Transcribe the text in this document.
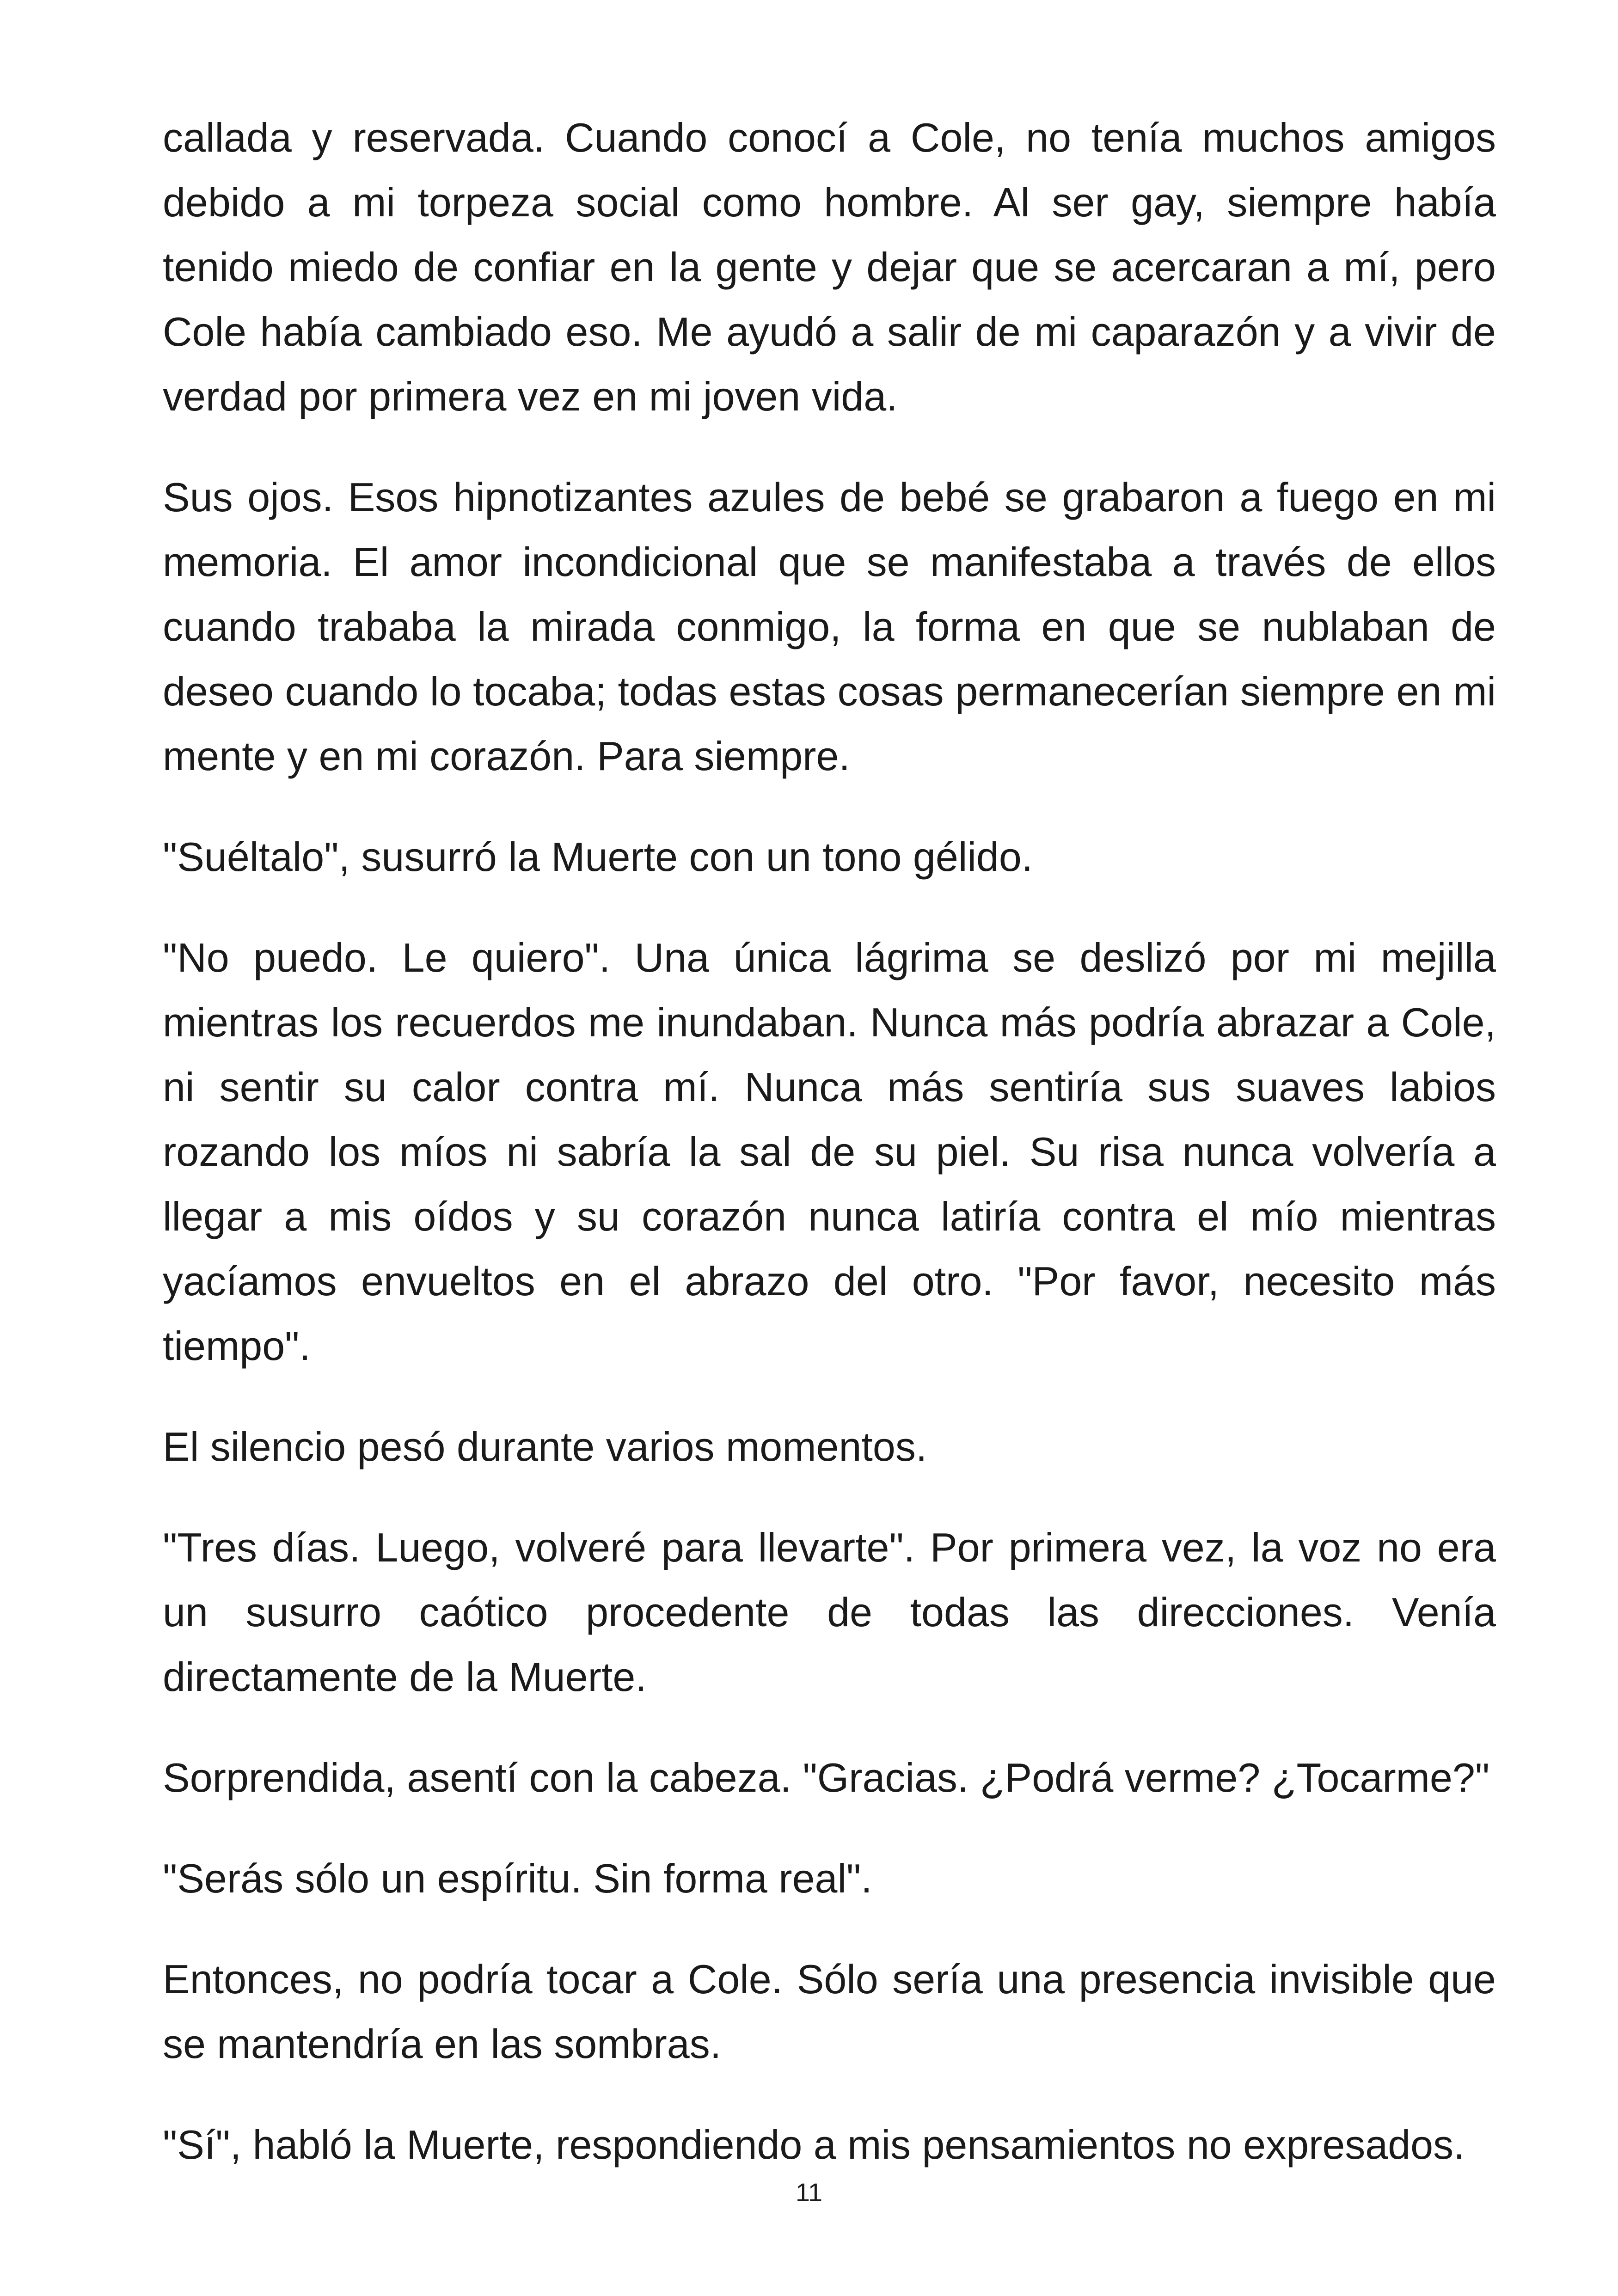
callada y reservada. Cuando conocí a Cole, no tenía muchos amigos debido a mi torpeza social como hombre. Al ser gay, siempre había tenido miedo de confiar en la gente y dejar que se acercaran a mí, pero Cole había cambiado eso. Me ayudó a salir de mi caparazón y a vivir de verdad por primera vez en mi joven vida.

Sus ojos. Esos hipnotizantes azules de bebé se grabaron a fuego en mi memoria. El amor incondicional que se manifestaba a través de ellos cuando trababa la mirada conmigo, la forma en que se nublaban de deseo cuando lo tocaba; todas estas cosas permanecerían siempre en mi mente y en mi corazón. Para siempre.

"Suéltalo", susurró la Muerte con un tono gélido.

"No puedo. Le quiero". Una única lágrima se deslizó por mi mejilla mientras los recuerdos me inundaban. Nunca más podría abrazar a Cole, ni sentir su calor contra mí. Nunca más sentiría sus suaves labios rozando los míos ni sabría la sal de su piel. Su risa nunca volvería a llegar a mis oídos y su corazón nunca latiría contra el mío mientras yacíamos envueltos en el abrazo del otro. "Por favor, necesito más tiempo".

El silencio pesó durante varios momentos.

"Tres días. Luego, volveré para llevarte". Por primera vez, la voz no era un susurro caótico procedente de todas las direcciones. Venía directamente de la Muerte.

Sorprendida, asentí con la cabeza. "Gracias. ¿Podrá verme? ¿Tocarme?"

"Serás sólo un espíritu. Sin forma real".

Entonces, no podría tocar a Cole. Sólo sería una presencia invisible que se mantendría en las sombras.

"Sí", habló la Muerte, respondiendo a mis pensamientos no expresados.

11
